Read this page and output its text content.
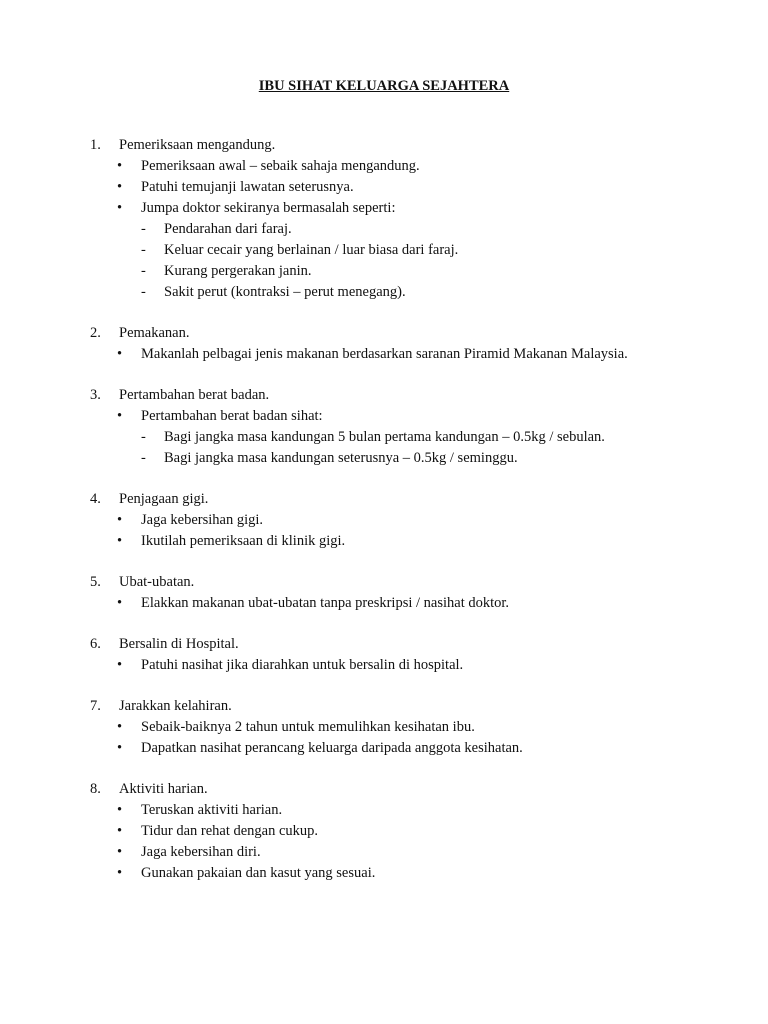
IBU SIHAT KELUARGA SEJAHTERA
1. Pemeriksaan mengandung.
• Pemeriksaan awal – sebaik sahaja mengandung.
• Patuhi temujanji lawatan seterusnya.
• Jumpa doktor sekiranya bermasalah seperti:
- Pendarahan dari faraj.
- Keluar cecair yang berlainan / luar biasa dari faraj.
- Kurang pergerakan janin.
- Sakit perut (kontraksi – perut menegang).
2. Pemakanan.
• Makanlah pelbagai jenis makanan berdasarkan saranan Piramid Makanan Malaysia.
3. Pertambahan berat badan.
• Pertambahan berat badan sihat:
- Bagi jangka masa kandungan 5 bulan pertama kandungan – 0.5kg / sebulan.
- Bagi jangka masa kandungan seterusnya – 0.5kg / seminggu.
4. Penjagaan gigi.
• Jaga kebersihan gigi.
• Ikutilah pemeriksaan di klinik gigi.
5. Ubat-ubatan.
• Elakkan makanan ubat-ubatan tanpa preskripsi / nasihat doktor.
6. Bersalin di Hospital.
• Patuhi nasihat jika diarahkan untuk bersalin di hospital.
7. Jarakkan kelahiran.
• Sebaik-baiknya 2 tahun untuk memulihkan kesihatan ibu.
• Dapatkan nasihat perancang keluarga daripada anggota kesihatan.
8. Aktiviti harian.
• Teruskan aktiviti harian.
• Tidur dan rehat dengan cukup.
• Jaga kebersihan diri.
• Gunakan pakaian dan kasut yang sesuai.
